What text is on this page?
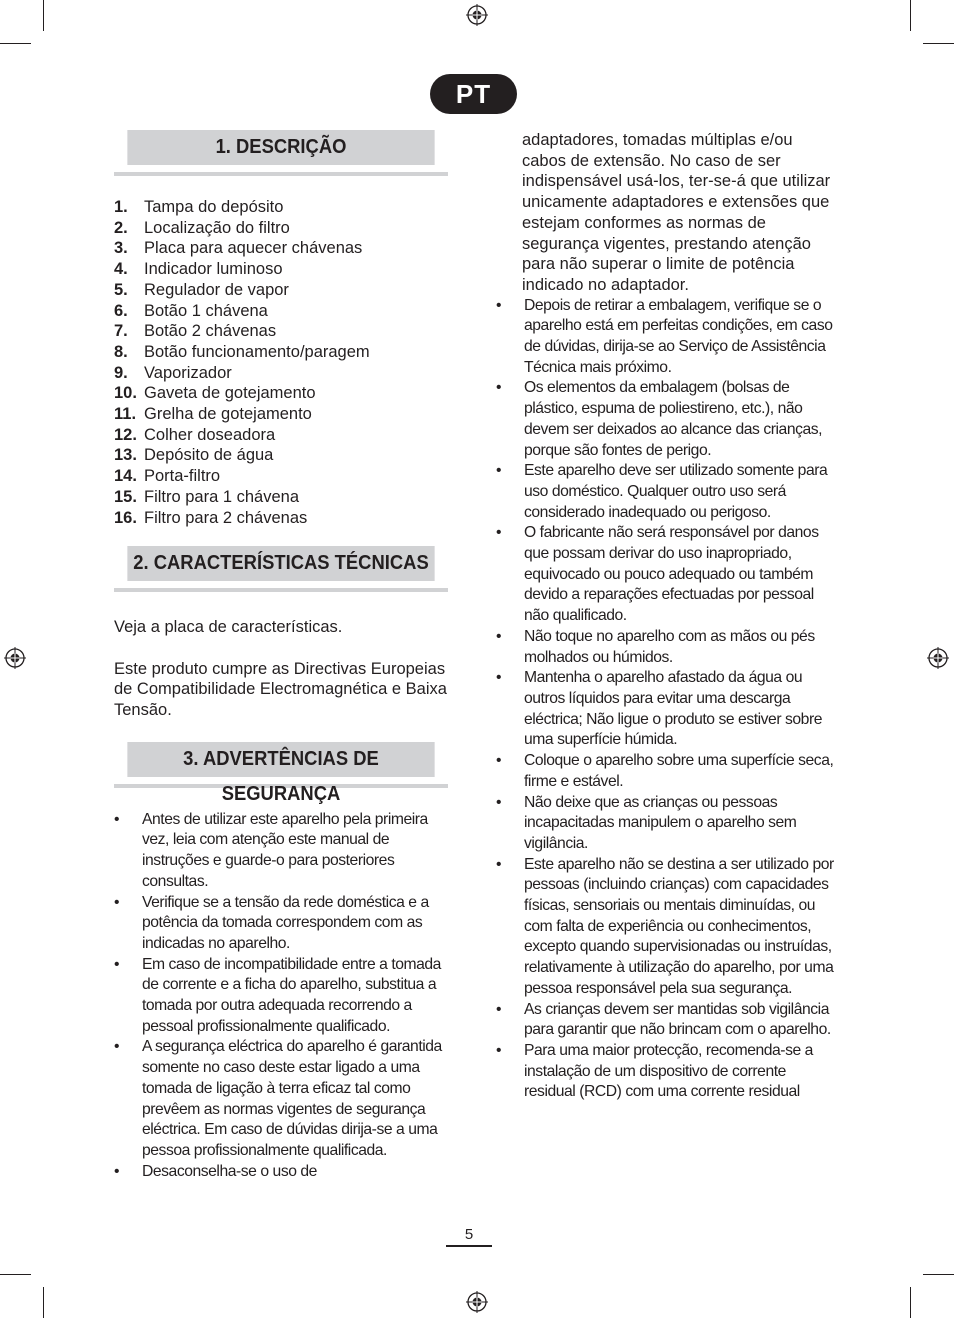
PT
1. DESCRIÇÃO
1. Tampa do depósito
2. Localização do filtro
3. Placa para aquecer chávenas
4. Indicador luminoso
5. Regulador de vapor
6. Botão 1 chávena
7. Botão 2 chávenas
8. Botão funcionamento/paragem
9. Vaporizador
10. Gaveta de gotejamento
11. Grelha de gotejamento
12. Colher doseadora
13. Depósito de água
14. Porta-filtro
15. Filtro para 1 chávena
16. Filtro para 2 chávenas
2. CARACTERÍSTICAS TÉCNICAS
Veja a placa de características.
Este produto cumpre as Directivas Europeias de Compatibilidade Electromagnética e Baixa Tensão.
3. ADVERTÊNCIAS DE SEGURANÇA
• Antes de utilizar este aparelho pela primeira vez, leia com atenção este manual de instruções e guarde-o para posteriores consultas.
• Verifique se a tensão da rede doméstica e a potência da tomada correspondem com as indicadas no aparelho.
• Em caso de incompatibilidade entre a tomada de corrente e a ficha do aparelho, substitua a tomada por outra adequada recorrendo a pessoal profissionalmente qualificado.
• A segurança eléctrica do aparelho é garantida somente no caso deste estar ligado a uma tomada de ligação à terra eficaz tal como prevêem as normas vigentes de segurança eléctrica. Em caso de dúvidas dirija-se a uma pessoa profissionalmente qualificada.
• Desaconselha-se o uso de
adaptadores, tomadas múltiplas e/ou cabos de extensão. No caso de ser indispensável usá-los, ter-se-á que utilizar unicamente adaptadores e extensões que estejam conformes as normas de segurança vigentes, prestando atenção para não superar o limite de potência indicado no adaptador.
• Depois de retirar a embalagem, verifique se o aparelho está em perfeitas condições, em caso de dúvidas, dirija-se ao Serviço de Assistência Técnica mais próximo.
• Os elementos da embalagem (bolsas de plástico, espuma de poliestireno, etc.), não devem ser deixados ao alcance das crianças, porque são fontes de perigo.
• Este aparelho deve ser utilizado somente para uso doméstico. Qualquer outro uso será considerado inadequado ou perigoso.
• O fabricante não será responsável por danos que possam derivar do uso inapropriado, equivocado ou pouco adequado ou também devido a reparações efectuadas por pessoal não qualificado.
• Não toque no aparelho com as mãos ou pés molhados ou húmidos.
• Mantenha o aparelho afastado da água ou outros líquidos para evitar uma descarga eléctrica; Não ligue o produto se estiver sobre uma superfície húmida.
• Coloque o aparelho sobre uma superfície seca, firme e estável.
• Não deixe que as crianças ou pessoas incapacitadas manipulem o aparelho sem vigilância.
• Este aparelho não se destina a ser utilizado por pessoas (incluindo crianças) com capacidades físicas, sensoriais ou mentais diminuídas, ou com falta de experiência ou conhecimentos, excepto quando supervisionadas ou instruídas, relativamente à utilização do aparelho, por uma pessoa responsável pela sua segurança.
• As crianças devem ser mantidas sob vigilância para garantir que não brincam com o aparelho.
• Para uma maior protecção, recomenda-se a instalação de um dispositivo de corrente residual (RCD) com uma corrente residual
5
